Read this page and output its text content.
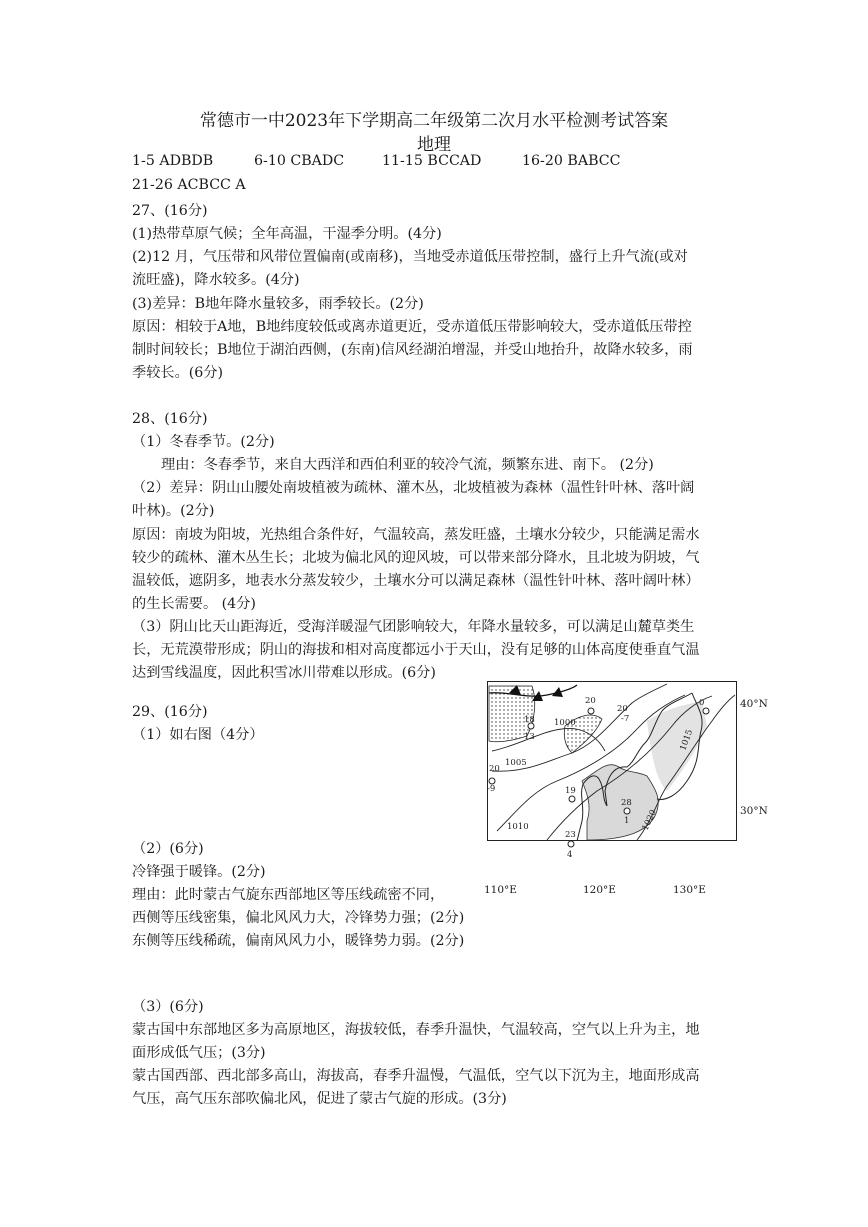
常德市一中2023年下学期高二年级第二次月水平检测考试答案
地理
1-5 ADBDB	6-10 CBADC	11-15 BCCAD	16-20 BABCC
21-26 ACBCC A
27、(16分)
(1)热带草原气候；全年高温，干湿季分明。(4分)
(2)12 月，气压带和风带位置偏南(或南移)，当地受赤道低压带控制，盛行上升气流(或对
流旺盛)，降水较多。(4分)
(3)差异：B地年降水量较多，雨季较长。(2分)
原因：相较于A地，B地纬度较低或离赤道更近，受赤道低压带影响较大，受赤道低压带控
制时间较长；B地位于湖泊西侧，(东南)信风经湖泊增湿，并受山地抬升，故降水较多，雨
季较长。(6分)
28、(16分)
（1）冬春季节。(2分)
理由：冬春季节，来自大西洋和西伯利亚的较冷气流，频繁东进、南下。 (2分)
（2）差异：阴山山腰处南坡植被为疏林、灌木丛，北坡植被为森林（温性针叶林、落叶阔
叶林)。(2分)
原因：南坡为阳坡，光热组合条件好，气温较高，蒸发旺盛，土壤水分较少，只能满足需水
较少的疏林、灌木丛生长；北坡为偏北风的迎风坡，可以带来部分降水，且北坡为阴坡，气
温较低，遮阴多，地表水分蒸发较少，土壤水分可以满足森林（温性针叶林、落叶阔叶林）
的生长需要。 (4分)
（3）阴山比天山距海近，受海洋暖湿气团影响较大，年降水量较多，可以满足山麓草类生
长，无荒漠带形成；阴山的海拔和相对高度都远小于天山，没有足够的山体高度使垂直气温
达到雪线温度，因此积雪冰川带难以形成。(6分)
29、(16分)
（1）如右图（4分）
（2）(6分)
冷锋强于暖锋。(2分)
理由：此时蒙古气旋东西部地区等压线疏密不同，
西侧等压线密集，偏北风风力大，冷锋势力强；(2分)
东侧等压线稀疏，偏南风风力小，暖锋势力弱。(2分)
（3）(6分)
蒙古国中东部地区多为高原地区，海拔较低，春季升温快，气温较高，空气以上升为主，地
面形成低气压；(3分)
蒙古国西部、西北部多高山，海拔高，春季升温慢，气温低，空气以下沉为主，地面形成高
气压，高气压东部吹偏北风，促进了蒙古气旋的形成。(3分)
1000
1005
1010
1015
1020
20
-7
20
20
-9
23
4
28
1
18
13
19
0	40°N
30°N
110°E	120°E	130°E
